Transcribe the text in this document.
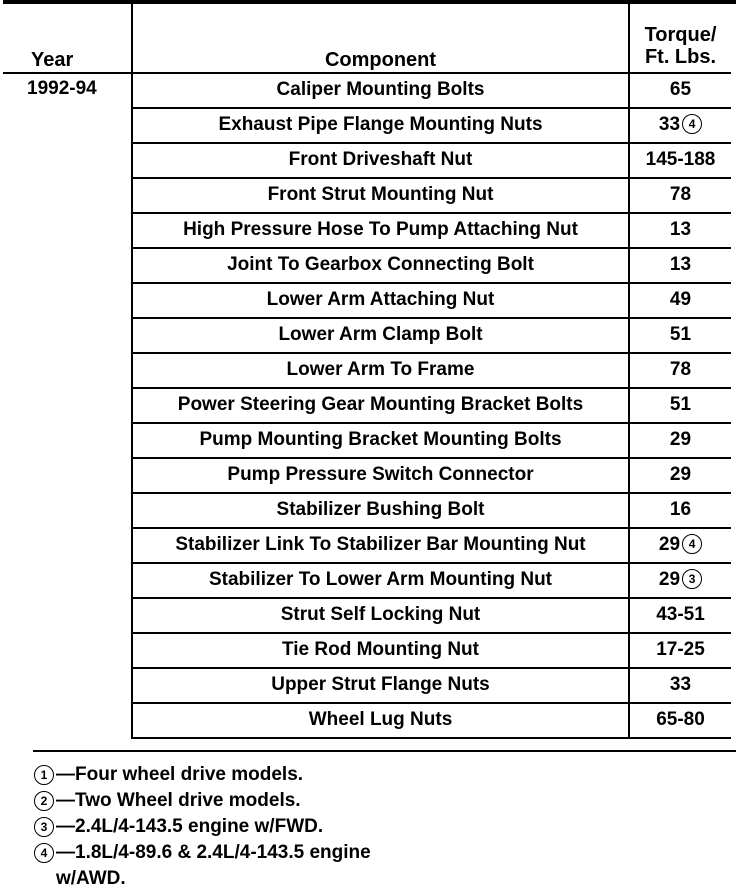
Year	Component	Torque/
Ft. Lbs.
1992-94	Caliper Mounting Bolts	65
	Exhaust Pipe Flange Mounting Nuts	33 4
	Front Driveshaft Nut	145-188
	Front Strut Mounting Nut	78
	High Pressure Hose To Pump Attaching Nut	13
	Joint To Gearbox Connecting Bolt	13
	Lower Arm Attaching Nut	49
	Lower Arm Clamp Bolt	51
	Lower Arm To Frame	78
	Power Steering Gear Mounting Bracket Bolts	51
	Pump Mounting Bracket Mounting Bolts	29
	Pump Pressure Switch Connector	29
	Stabilizer Bushing Bolt	16
	Stabilizer Link To Stabilizer Bar Mounting Nut	29 4
	Stabilizer To Lower Arm Mounting Nut	29 3
	Strut Self Locking Nut	43-51
	Tie Rod Mounting Nut	17-25
	Upper Strut Flange Nuts	33
	Wheel Lug Nuts	65-80
1 —Four wheel drive models.
2 —Two Wheel drive models.
3 —2.4L/4-143.5 engine w/FWD.
4 —1.8L/4-89.6 & 2.4L/4-143.5 engine
w/AWD.
